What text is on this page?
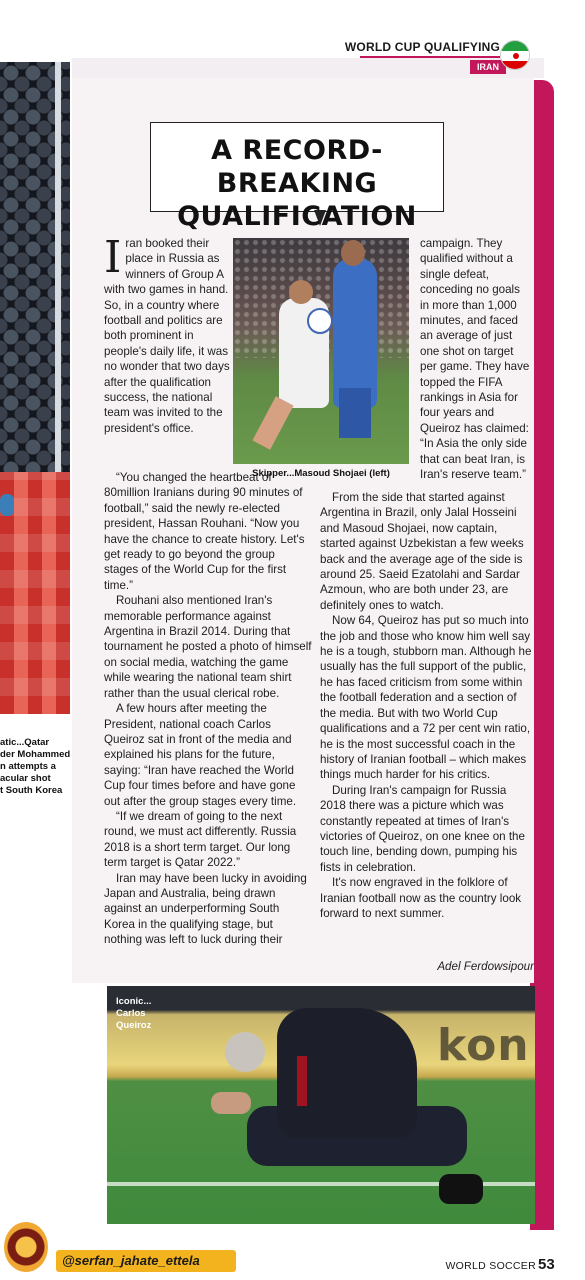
atic...Qatar
der Mohammed
n attempts a
acular shot
t South Korea
WORLD CUP QUALIFYING
IRAN
A RECORD-BREAKING
QUALIFICATION
I ran booked their place in Russia as winners of Group A with two games in hand. So, in a country where football and politics are both prominent in people's daily life, it was no wonder that two days after the qualification success, the national team was invited to the president's office.
Skipper...Masoud Shojaei (left)

“You changed the heartbeat of 80million Iranians during 90 minutes of football,” said the newly re-elected president, Hassan Rouhani. “Now you have the chance to create history. Let's get ready to go beyond the group stages of the World Cup for the first time.”

Rouhani also mentioned Iran's memorable performance against Argentina in Brazil 2014. During that tournament he posted a photo of himself on social media, watching the game while wearing the national team shirt rather than the usual clerical robe.

A few hours after meeting the President, national coach Carlos Queiroz sat in front of the media and explained his plans for the future, saying: “Iran have reached the World Cup four times before and have gone out after the group stages every time.

“If we dream of going to the next round, we must act differently. Russia 2018 is a short term target. Our long term target is Qatar 2022.”

Iran may have been lucky in avoiding Japan and Australia, being drawn against an underperforming South Korea in the qualifying stage, but nothing was left to luck during their

campaign. They qualified without a single defeat, conceding no goals in more than 1,000 minutes, and faced an average of just one shot on target per game. They have topped the FIFA rankings in Asia for four years and Queiroz has claimed: “In Asia the only side that can beat Iran, is Iran's reserve team.”

From the side that started against Argentina in Brazil, only Jalal Hosseini and Masoud Shojaei, now captain, started against Uzbekistan a few weeks back and the average age of the side is around 25. Saeid Ezatolahi and Sardar Azmoun, who are both under 23, are definitely ones to watch.

Now 64, Queiroz has put so much into the job and those who know him well say he is a tough, stubborn man. Although he usually has the full support of the public, he has faced criticism from some within the football federation and a section of the media. But with two World Cup qualifications and a 72 per cent win ratio, he is the most successful coach in the history of Iranian football – which makes things much harder for his critics.

During Iran's campaign for Russia 2018 there was a picture which was constantly repeated at times of Iran's victories of Queiroz, on one knee on the touch line, bending down, pumping his fists in celebration.

It's now engraved in the folklore of Iranian football now as the country look forward to next summer.

Adel Ferdowsipour
kon
Iconic...
Carlos
Queiroz
@serfan_jahate_ettela	WORLD SOCCER 53
